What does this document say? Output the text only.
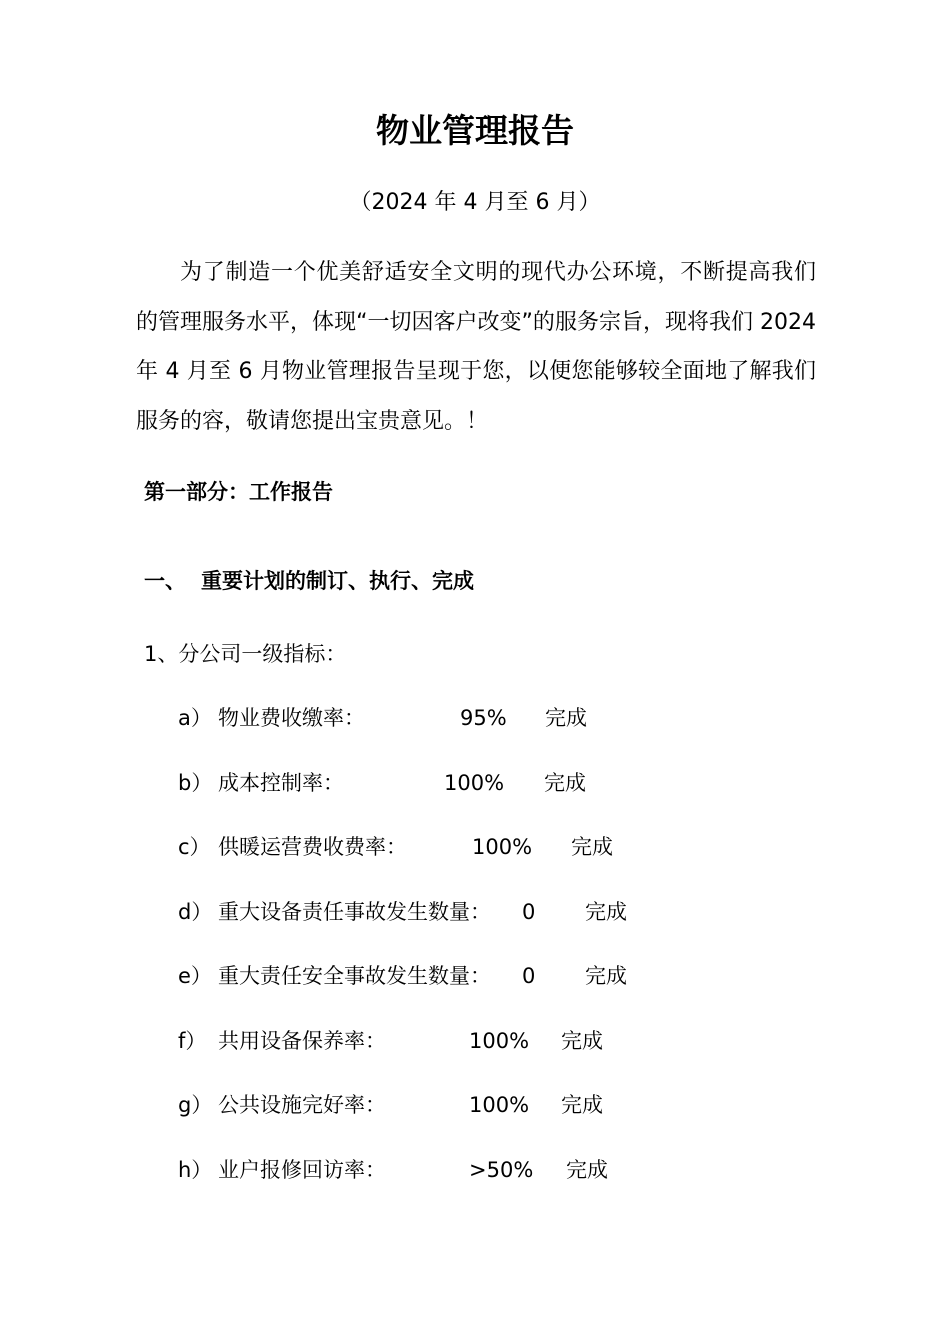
物业管理报告
（2024 年 4 月至 6 月）

为了制造一个优美舒适安全文明的现代办公环境，不断提高我们的管理服务水平，体现“一切因客户改变”的服务宗旨，现将我们 2024 年 4 月至 6 月物业管理报告呈现于您，以便您能够较全面地了解我们服务的容，敬请您提出宝贵意见。！

第一部分：工作报告
一、 重要计划的制订、执行、完成
1、分公司一级指标：
a） 物业费收缴率：	95% 完成
b） 成本控制率：	100% 完成
c） 供暖运营费收费率：	100% 完成
d） 重大设备责任事故发生数量： 0 完成
e） 重大责任安全事故发生数量： 0 完成
f） 共用设备保养率：	100% 完成
g） 公共设施完好率：	100% 完成
h） 业户报修回访率：	>50% 完成
